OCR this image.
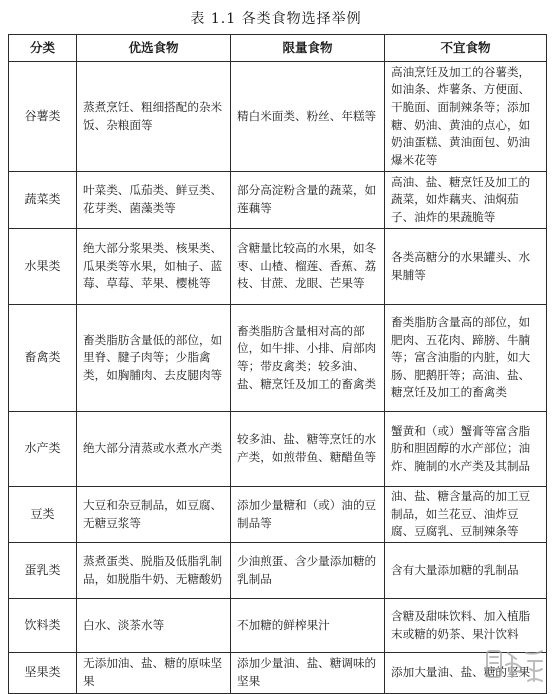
表 1.1 各类食物选择举例
分类	优选食物	限量食物	不宜食物
谷薯类	蒸煮烹饪、粗细搭配的杂米饭、杂粮面等	精白米面类、粉丝、年糕等	高油烹饪及加工的谷薯类，如油条、炸薯条、方便面、干脆面、面制辣条等；添加糖、奶油、黄油的点心，如奶油蛋糕、黄油面包、奶油爆米花等
蔬菜类	叶菜类、瓜茄类、鲜豆类、花芽类、菌藻类等	部分高淀粉含量的蔬菜，如莲藕等	高油、盐、糖烹饪及加工的蔬菜，如炸藕夹、油焖茄子、油炸的果蔬脆等
水果类	绝大部分浆果类、核果类、瓜果类等水果，如柚子、蓝莓、草莓、苹果、樱桃等	含糖量比较高的水果，如冬枣、山楂、榴莲、香蕉、荔枝、甘蔗、龙眼、芒果等	各类高糖分的水果罐头、水果脯等
畜禽类	畜类脂肪含量低的部位，如里脊、腱子肉等；少脂禽类，如胸脯肉、去皮腿肉等	畜类脂肪含量相对高的部位，如牛排、小排、肩部肉等；带皮禽类；较多油、盐、糖烹饪及加工的畜禽类	畜类脂肪含量高的部位，如肥肉、五花肉、蹄膀、牛腩等；富含油脂的内脏，如大肠、肥鹅肝等；高油、盐、糖烹饪及加工的畜禽类
水产类	绝大部分清蒸或水煮水产类	较多油、盐、糖等烹饪的水产类，如煎带鱼、糖醋鱼等	蟹黄和（或）蟹膏等富含脂肪和胆固醇的水产部位；油炸、腌制的水产类及其制品
豆类	大豆和杂豆制品，如豆腐、无糖豆浆等	添加少量糖和（或）油的豆制品等	油、盐、糖含量高的加工豆制品，如兰花豆、油炸豆腐、豆腐乳、豆制辣条等
蛋乳类	蒸煮蛋类、脱脂及低脂乳制品，如脱脂牛奶、无糖酸奶	少油煎蛋、含少量添加糖的乳制品	含有大量添加糖的乳制品
饮料类	白水、淡茶水等	不加糖的鲜榨果汁	含糖及甜味饮料、加入植脂末或糖的奶茶、果汁饮料
坚果类	无添加油、盐、糖的原味坚果	添加少量油、盐、糖调味的坚果	添加大量油、盐、糖的坚果
